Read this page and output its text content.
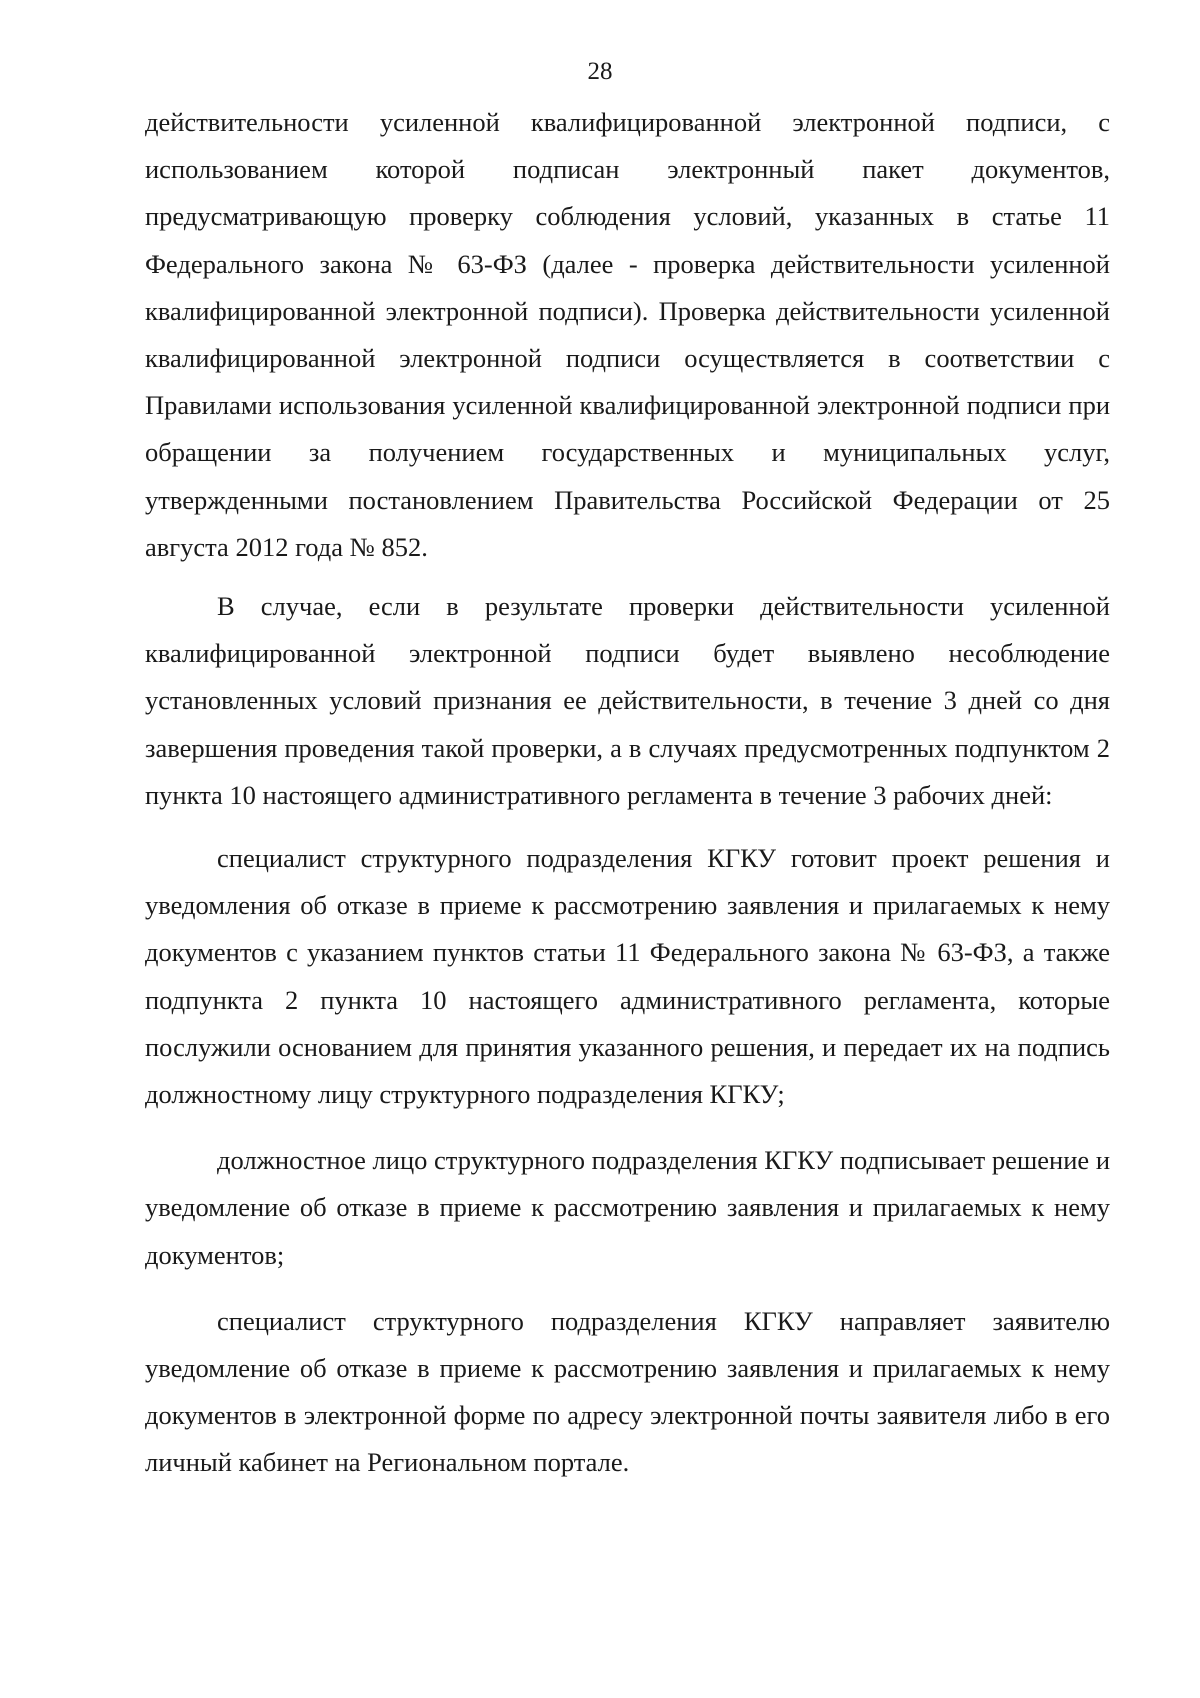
28

действительности усиленной квалифицированной электронной подписи, с использованием которой подписан электронный пакет документов, предусматривающую проверку соблюдения условий, указанных в статье 11 Федерального закона № 63-ФЗ (далее - проверка действительности усиленной квалифицированной электронной подписи). Проверка действительности усиленной квалифицированной электронной подписи осуществляется в соответствии с Правилами использования усиленной квалифицированной электронной подписи при обращении за получением государственных и муниципальных услуг, утвержденными постановлением Правительства Российской Федерации от 25 августа 2012 года № 852.

В случае, если в результате проверки действительности усиленной квалифицированной электронной подписи будет выявлено несоблюдение установленных условий признания ее действительности, в течение 3 дней со дня завершения проведения такой проверки, а в случаях предусмотренных подпунктом 2 пункта 10 настоящего административного регламента в течение 3 рабочих дней:

специалист структурного подразделения КГКУ готовит проект решения и уведомления об отказе в приеме к рассмотрению заявления и прилагаемых к нему документов с указанием пунктов статьи 11 Федерального закона № 63-ФЗ, а также подпункта 2 пункта 10 настоящего административного регламента, которые послужили основанием для принятия указанного решения, и передает их на подпись должностному лицу структурного подразделения КГКУ;

должностное лицо структурного подразделения КГКУ подписывает решение и уведомление об отказе в приеме к рассмотрению заявления и прилагаемых к нему документов;

специалист структурного подразделения КГКУ направляет заявителю уведомление об отказе в приеме к рассмотрению заявления и прилагаемых к нему документов в электронной форме по адресу электронной почты заявителя либо в его личный кабинет на Региональном портале.
